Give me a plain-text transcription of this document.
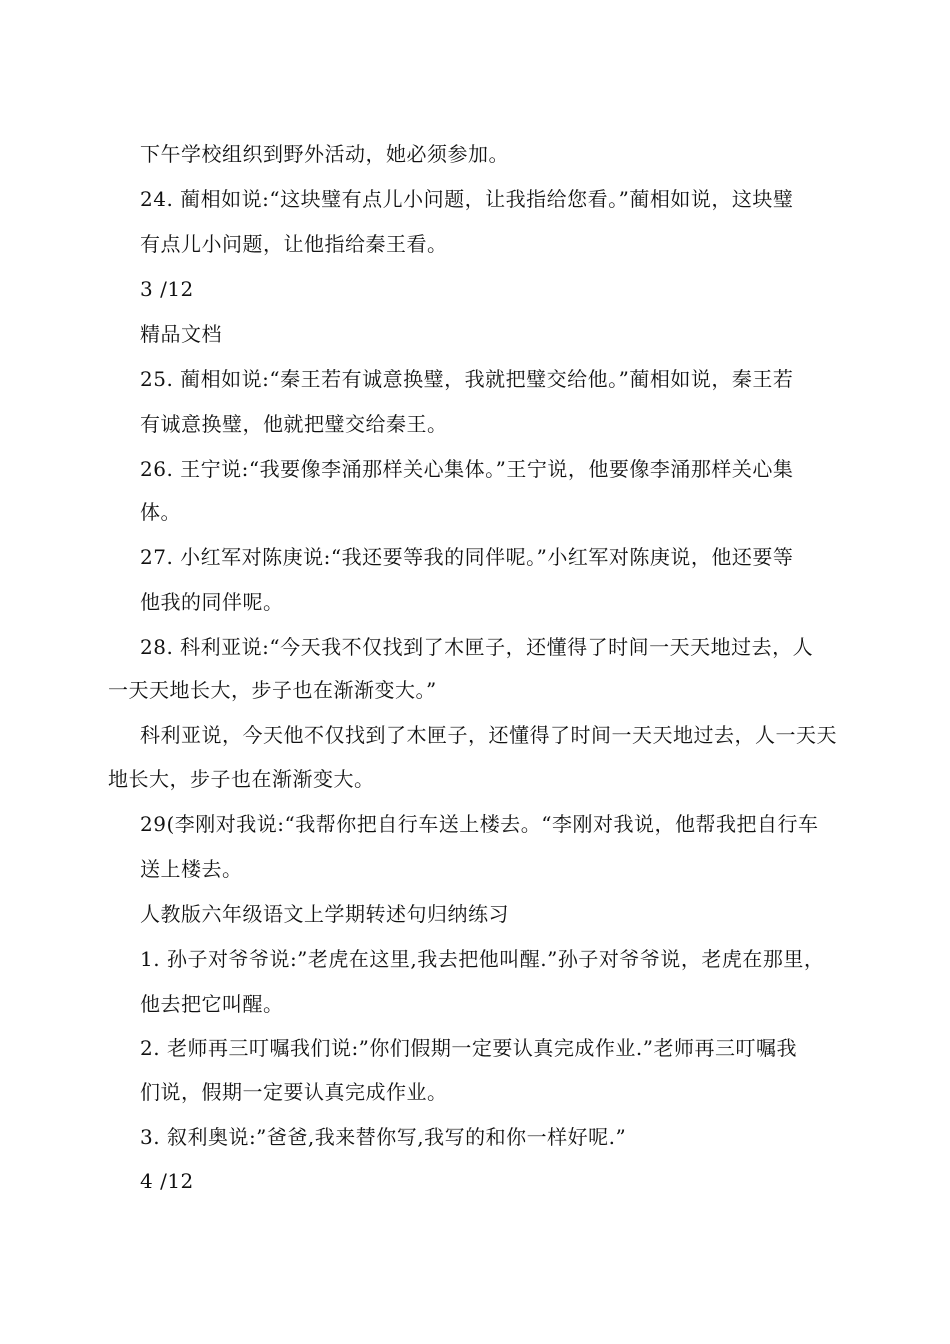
下午学校组织到野外活动，她必须参加。
24. 蔺相如说:“这块璧有点儿小问题，让我指给您看。”蔺相如说，这块璧
有点儿小问题，让他指给秦王看。
3 /12
精品文档
25. 蔺相如说:“秦王若有诚意换璧，我就把璧交给他。”蔺相如说，秦王若
有诚意换璧，他就把璧交给秦王。
26. 王宁说:“我要像李涌那样关心集体。”王宁说，他要像李涌那样关心集
体。
27. 小红军对陈庚说:“我还要等我的同伴呢。”小红军对陈庚说，他还要等
他我的同伴呢。
28. 科利亚说:“今天我不仅找到了木匣子，还懂得了时间一天天地过去，人
一天天地长大，步子也在渐渐变大。”
科利亚说，今天他不仅找到了木匣子，还懂得了时间一天天地过去，人一天天
地长大，步子也在渐渐变大。
29(李刚对我说:“我帮你把自行车送上楼去。“李刚对我说，他帮我把自行车
送上楼去。
人教版六年级语文上学期转述句归纳练习
1. 孙子对爷爷说:”老虎在这里,我去把他叫醒.”孙子对爷爷说，老虎在那里，
他去把它叫醒。
2. 老师再三叮嘱我们说:”你们假期一定要认真完成作业.”老师再三叮嘱我
们说，假期一定要认真完成作业。
3. 叙利奥说:”爸爸,我来替你写,我写的和你一样好呢.”
4 /12
